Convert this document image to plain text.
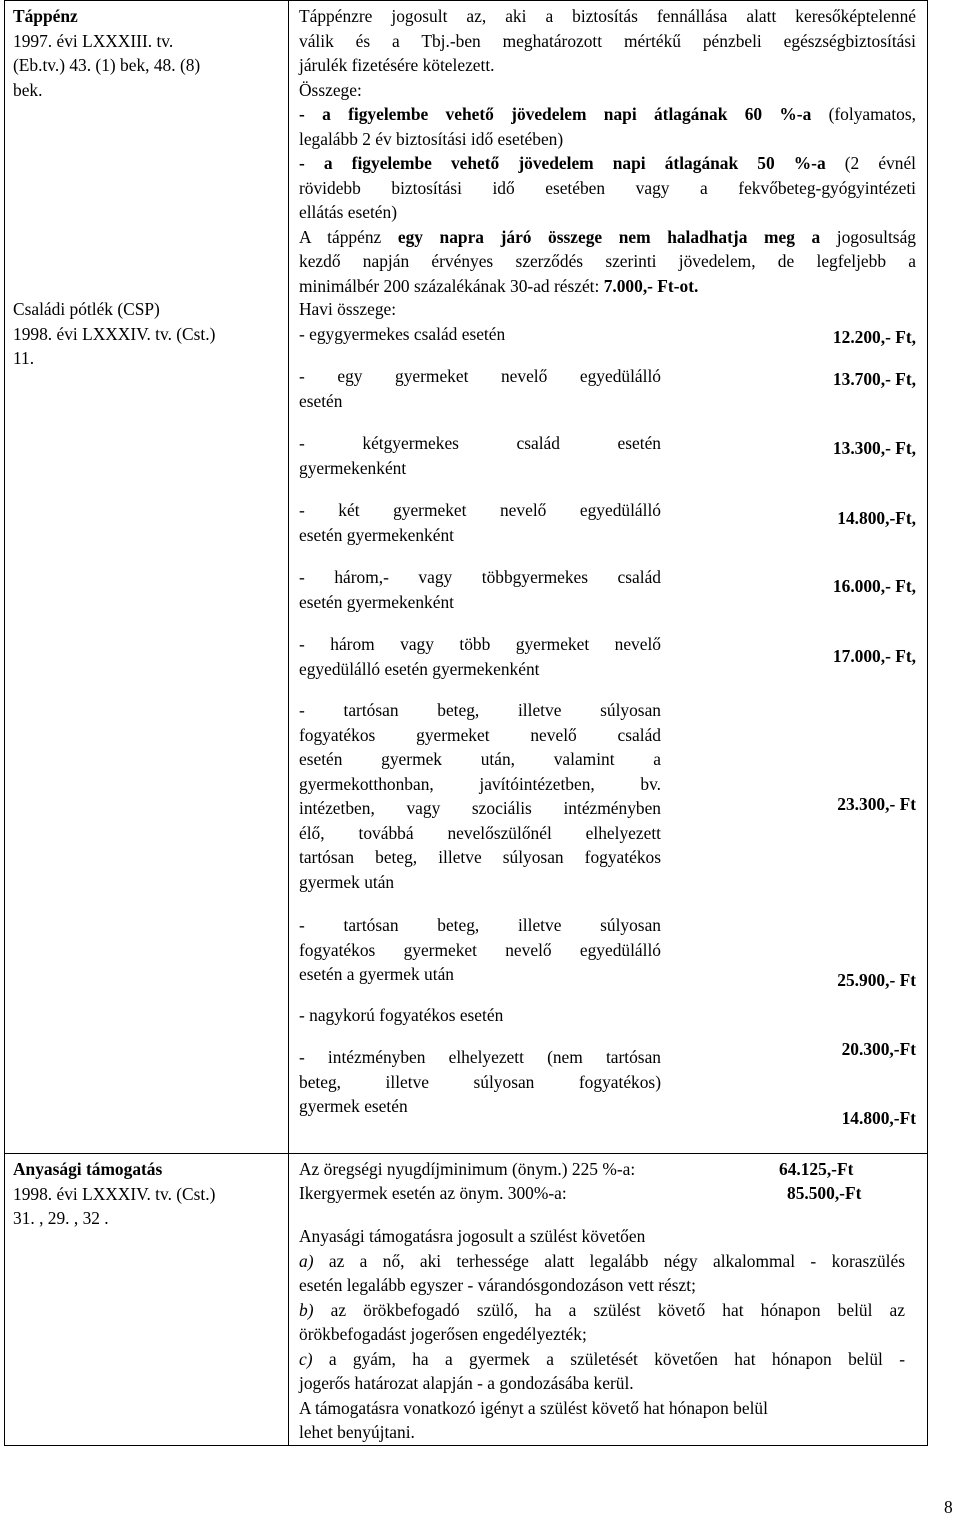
Táppénz
1997. évi LXXXIII. tv.
(Eb.tv.) 43. (1) bek, 48. (8)
bek.
Táppénzre jogosult az, aki a biztosítás fennállása alatt keresőképtelenné
válik és a Tbj.-ben meghatározott mértékű pénzbeli egészségbiztosítási
járulék fizetésére kötelezett.
Összege:
- a figyelembe vehető jövedelem napi átlagának 60 %-a (folyamatos,
legalább 2 év biztosítási idő esetében)
- a figyelembe vehető jövedelem napi átlagának 50 %-a (2 évnél
rövidebb biztosítási idő esetében vagy a fekvőbeteg-gyógyintézeti
ellátás esetén)
A táppénz egy napra járó összege nem haladhatja meg a jogosultság
kezdő napján érvényes szerződés szerinti jövedelem, de legfeljebb a
minimálbér 200 százalékának 30-ad részét: 7.000,- Ft-ot.
Családi pótlék (CSP)
1998. évi LXXXIV. tv. (Cst.)
11.
Havi összege:
- egygyermekes család esetén	12.200,- Ft,
- egy gyermeket nevelő egyedülálló
esetén
13.700,- Ft,
- kétgyermekes család esetén
gyermekenként
13.300,- Ft,
- két gyermeket nevelő egyedülálló
esetén gyermekenként
14.800,-Ft,
- három,- vagy többgyermekes család
esetén gyermekenként
16.000,- Ft,
- három vagy több gyermeket nevelő
egyedülálló esetén gyermekenként
17.000,- Ft,
- tartósan beteg, illetve súlyosan
fogyatékos gyermeket nevelő család
esetén gyermek után, valamint a
gyermekotthonban, javítóintézetben, bv.
intézetben, vagy szociális intézményben
élő, továbbá nevelőszülőnél elhelyezett
tartósan beteg, illetve súlyosan fogyatékos
gyermek után
23.300,- Ft
- tartósan beteg, illetve súlyosan
fogyatékos gyermeket nevelő egyedülálló
esetén a gyermek után	25.900,- Ft
- nagykorú fogyatékos esetén
20.300,-Ft
- intézményben elhelyezett (nem tartósan
beteg, illetve súlyosan fogyatékos)
gyermek esetén
14.800,-Ft
Anyasági támogatás
1998. évi LXXXIV. tv. (Cst.)
31. , 29. , 32 .
Az öregségi nyugdíjminimum (önym.) 225 %-a:	64.125,-Ft
Ikergyermek esetén az önym. 300%-a:	85.500,-Ft
Anyasági támogatásra jogosult a szülést követően
a) az a nő, aki terhessége alatt legalább négy alkalommal - koraszülés
esetén legalább egyszer - várandósgondozáson vett részt;
b) az örökbefogadó szülő, ha a szülést követő hat hónapon belül az
örökbefogadást jogerősen engedélyezték;
c) a gyám, ha a gyermek a születését követően hat hónapon belül -
jogerős határozat alapján - a gondozásába kerül.
A támogatásra vonatkozó igényt a szülést követő hat hónapon belül
lehet benyújtani.
8
